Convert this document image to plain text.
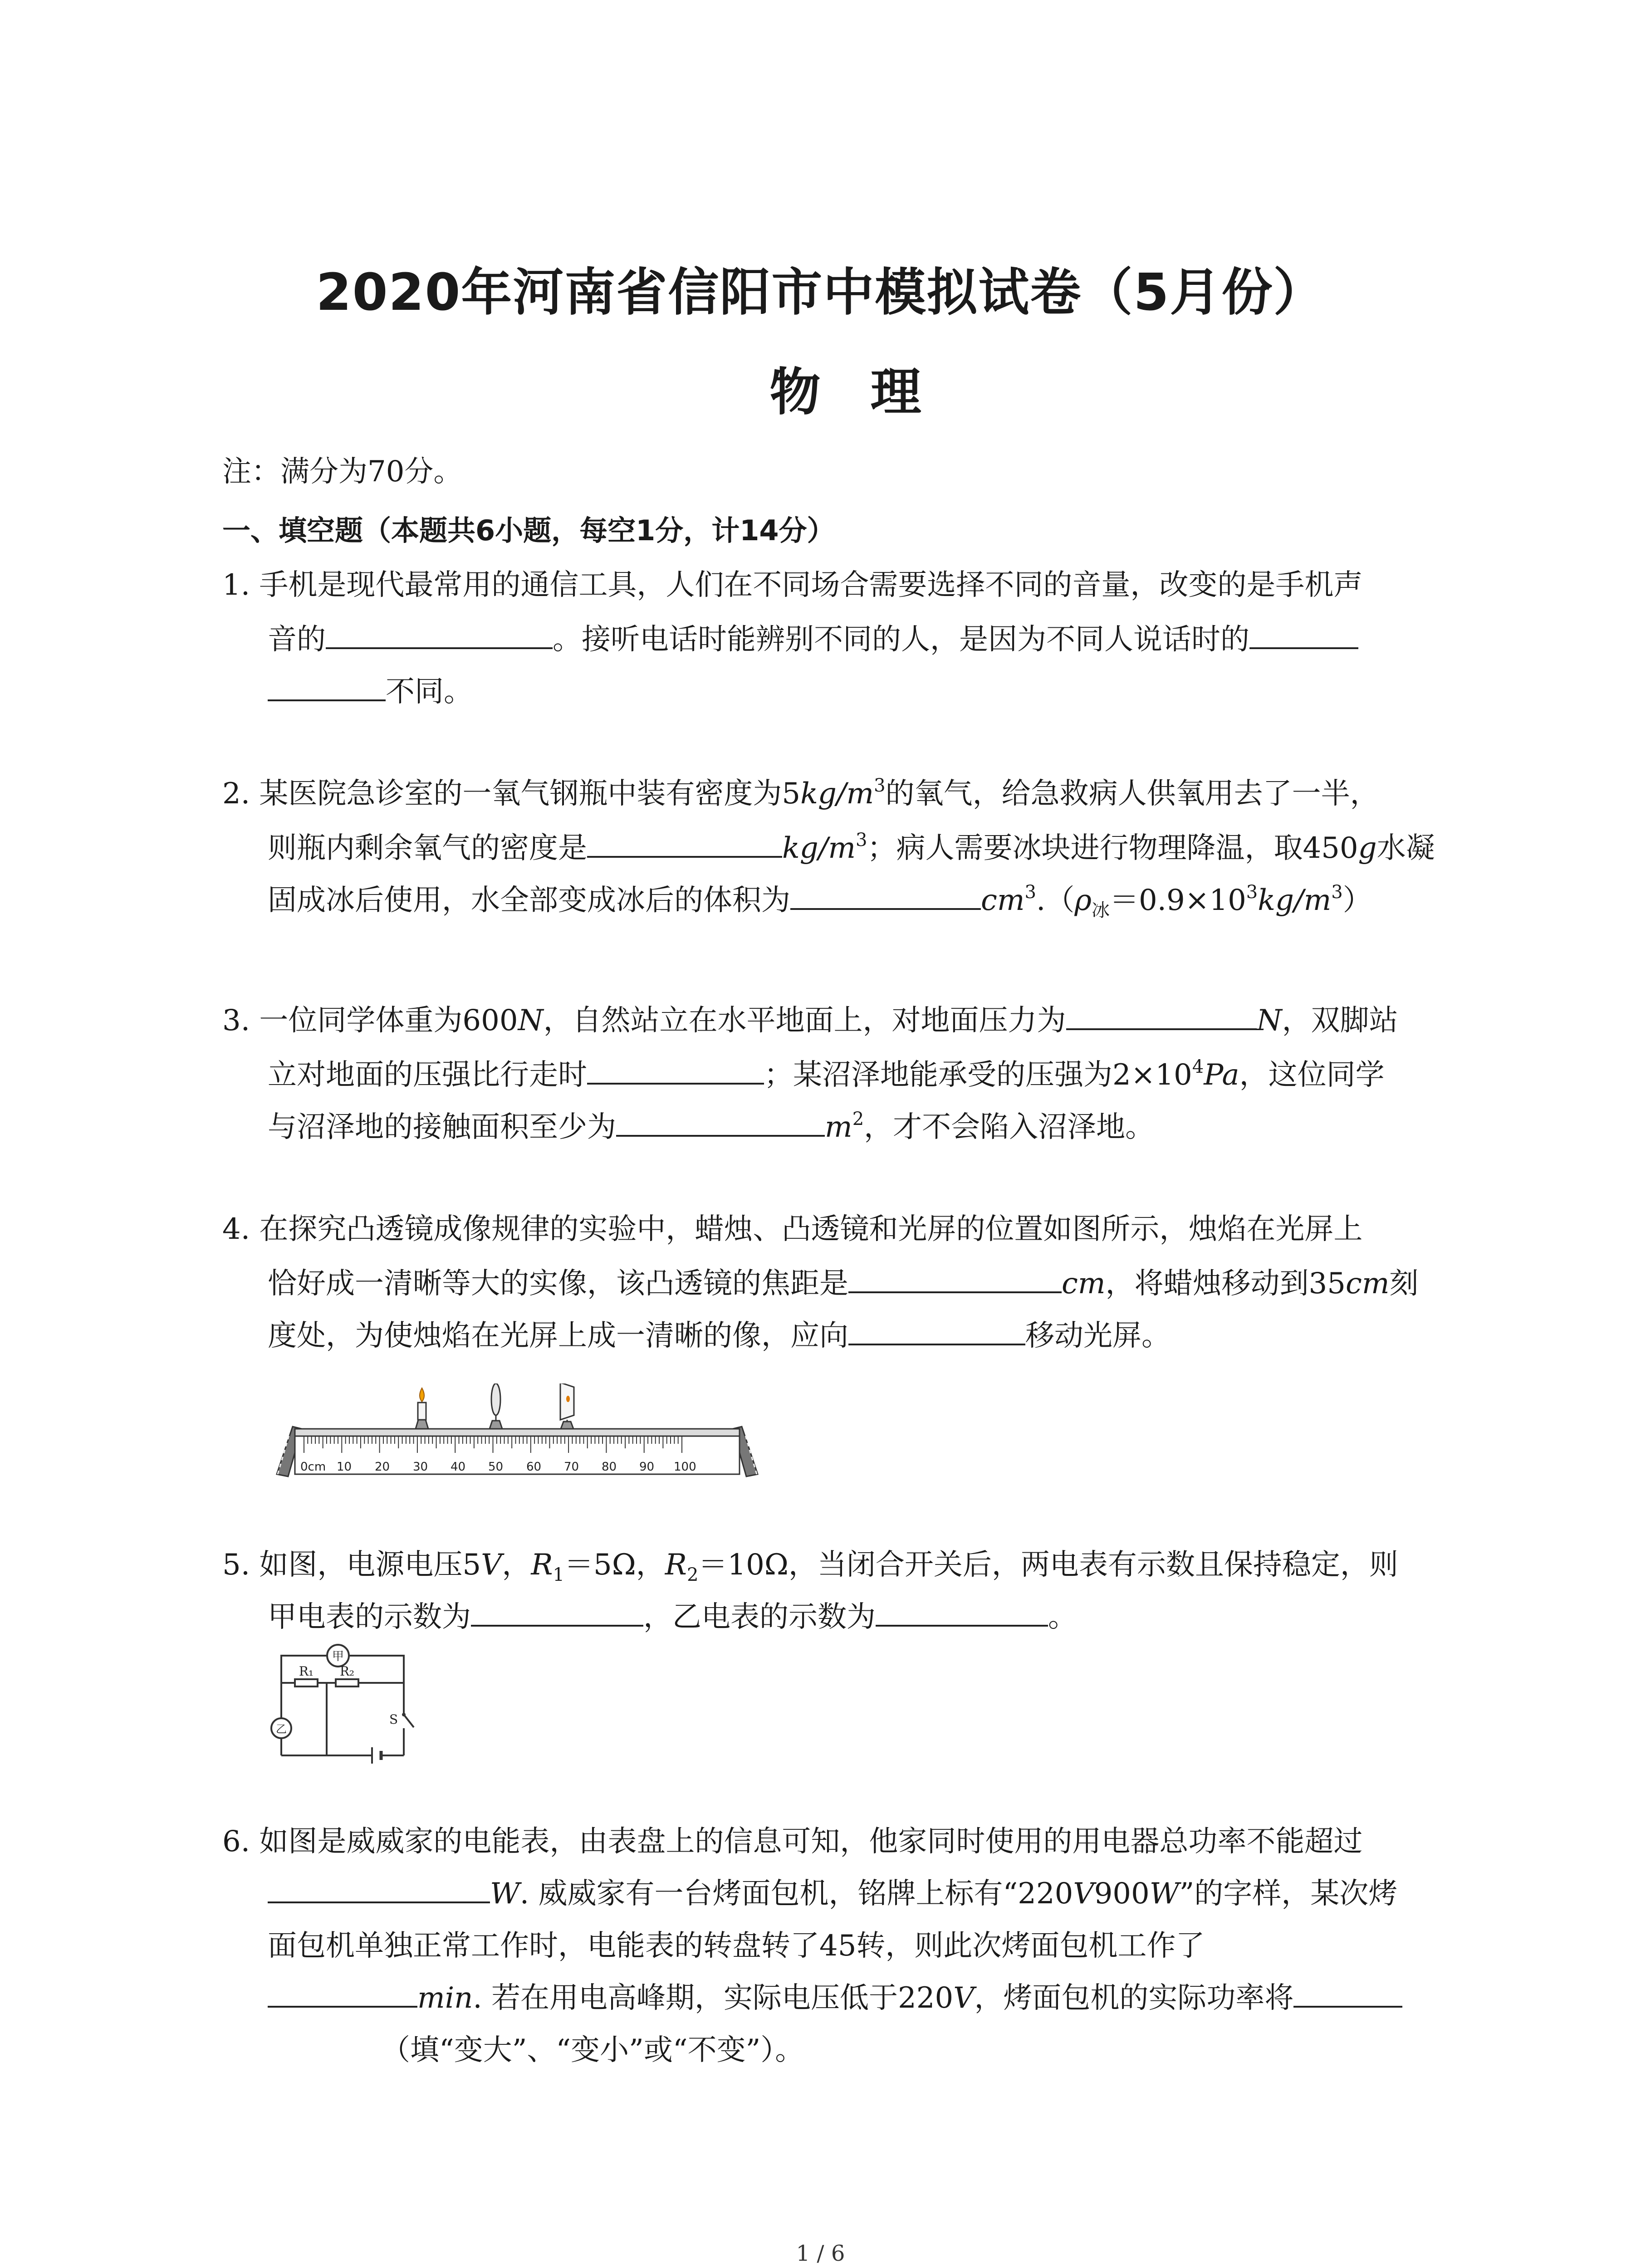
2020年河南省信阳市中模拟试卷（5月份）
物理
注：满分为70分。
一、填空题（本题共6小题，每空1分，计14分）
1. 手机是现代最常用的通信工具，人们在不同场合需要选择不同的音量，改变的是手机声
音的	。接听电话时能辨别不同的人，是因为不同人说话时的
不同。
2. 某医院急诊室的一氧气钢瓶中装有密度为$5kg/m^3$的氧气，给急救病人供氧用去了一半，
则瓶内剩余氧气的密度是	$kg/m^3$；病人需要冰块进行物理降温，取450g水凝
固成冰后使用，水全部变成冰后的体积为	$cm^3.(\rho_冰=0.9\times 10^3kg/m^3)$
3. 一位同学体重为600N，自然站立在水平地面上，对地面压力为	N，双脚站
立对地面的压强比行走时	；某沼泽地能承受的压强为$2\times 10^4Pa$，这位同学
与沼泽地的接触面积至少为	$m^2$，才不会陷入沼泽地。
4. 在探究凸透镜成像规律的实验中，蜡烛、凸透镜和光屏的位置如图所示，烛焰在光屏上
恰好成一清晰等大的实像，该凸透镜的焦距是	cm，将蜡烛移动到35cm刻
度处，为使烛焰在光屏上成一清晰的像，应向	移动光屏。
0cm 10 20 30 40 50 60 70 80 90 100
5. 如图，电源电压5V，$R_1=5\Omega$，$R_2=10\Omega$，当闭合开关后，两电表有示数且保持稳定，则
甲电表的示数为	，乙电表的示数为	。
甲
乙
R₁ R₂
S
6. 如图是威威家的电能表，由表盘上的信息可知，他家同时使用的用电器总功率不能超过
W. 威威家有一台烤面包机，铭牌上标有“220V900W”的字样，某次烤
面包机单独正常工作时，电能表的转盘转了45转，则此次烤面包机工作了
min. 若在用电高峰期，实际电压低于220V，烤面包机的实际功率将
（填“变大”、“变小”或“不变”）。
1 / 6
